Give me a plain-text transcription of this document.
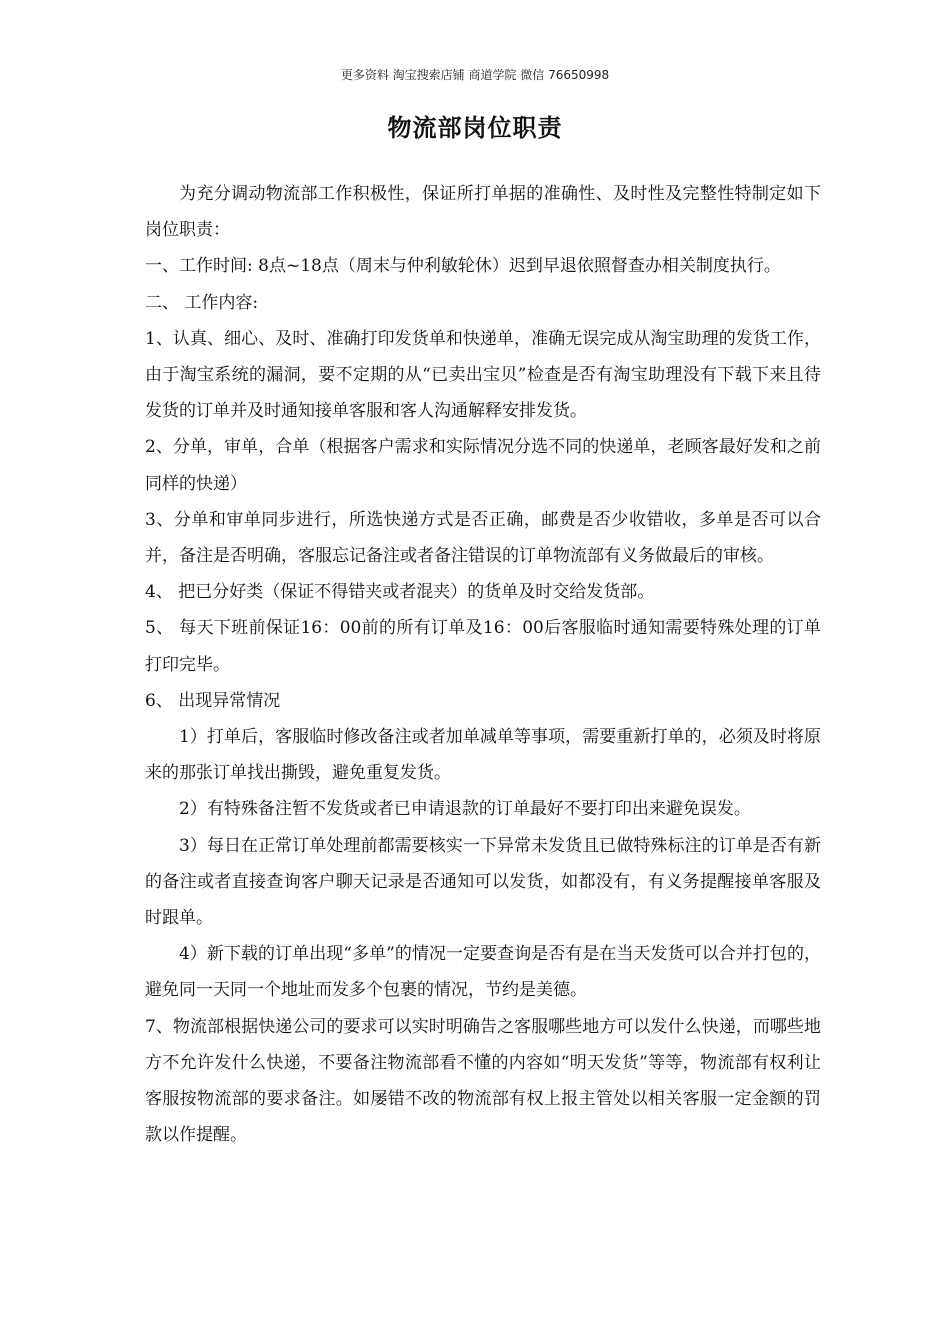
更多资料 淘宝搜索店铺 商道学院 微信 76650998
物流部岗位职责

为充分调动物流部工作积极性，保证所打单据的准确性、及时性及完整性特制定如下岗位职责：

一、工作时间: 8点~18点（周末与仲利敏轮休）迟到早退依照督查办相关制度执行。

二、 工作内容:

1、认真、细心、及时、准确打印发货单和快递单，准确无误完成从淘宝助理的发货工作，由于淘宝系统的漏洞，要不定期的从“已卖出宝贝”检查是否有淘宝助理没有下载下来且待发货的订单并及时通知接单客服和客人沟通解释安排发货。

2、分单，审单，合单（根据客户需求和实际情况分选不同的快递单，老顾客最好发和之前同样的快递）

3、分单和审单同步进行，所选快递方式是否正确，邮费是否少收错收，多单是否可以合并，备注是否明确，客服忘记备注或者备注错误的订单物流部有义务做最后的审核。

4、 把已分好类（保证不得错夹或者混夹）的货单及时交给发货部。

5、 每天下班前保证16：00前的所有订单及16：00后客服临时通知需要特殊处理的订单打印完毕。

6、 出现异常情况

1）打单后，客服临时修改备注或者加单减单等事项，需要重新打单的，必须及时将原来的那张订单找出撕毁，避免重复发货。

2）有特殊备注暂不发货或者已申请退款的订单最好不要打印出来避免误发。

3）每日在正常订单处理前都需要核实一下异常未发货且已做特殊标注的订单是否有新的备注或者直接查询客户聊天记录是否通知可以发货，如都没有，有义务提醒接单客服及时跟单。

4）新下载的订单出现“多单”的情况一定要查询是否有是在当天发货可以合并打包的，避免同一天同一个地址而发多个包裹的情况，节约是美德。

7、物流部根据快递公司的要求可以实时明确告之客服哪些地方可以发什么快递，而哪些地方不允许发什么快递，不要备注物流部看不懂的内容如“明天发货”等等，物流部有权利让客服按物流部的要求备注。如屡错不改的物流部有权上报主管处以相关客服一定金额的罚款以作提醒。
